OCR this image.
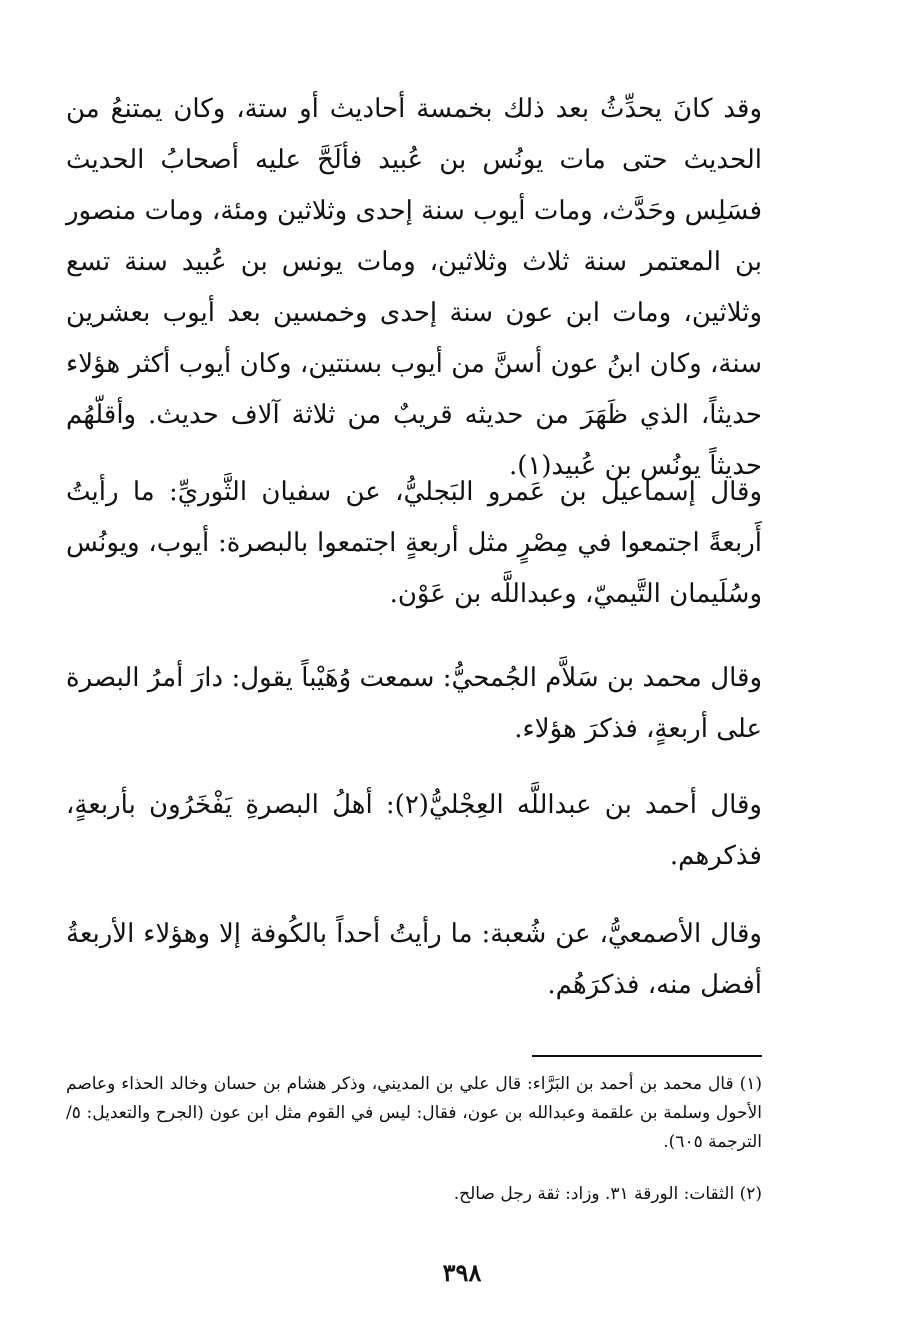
وقد كانَ يحدِّثُ بعد ذلك بخمسة أحاديث أو ستة، وكان يمتنعُ من الحديث حتى مات يونُس بن عُبيد فألَحَّ عليه أصحابُ الحديث فسَلِس وحَدَّث، ومات أيوب سنة إحدى وثلاثين ومئة، ومات منصور بن المعتمر سنة ثلاث وثلاثين، ومات يونس بن عُبيد سنة تسع وثلاثين، ومات ابن عون سنة إحدى وخمسين بعد أيوب بعشرين سنة، وكان ابنُ عون أسنَّ من أيوب بسنتين، وكان أيوب أكثر هؤلاء حديثاً، الذي ظَهَرَ من حديثه قريبٌ من ثلاثة آلاف حديث. وأقلّهُم حديثاً يونُس بن عُبيد(١).

وقال إسماعيل بن عَمرو البَجليُّ، عن سفيان الثَّوريِّ: ما رأيتُ أَربعةً اجتمعوا في مِصْرٍ مثل أربعةٍ اجتمعوا بالبصرة: أيوب، ويونُس وسُلَيمان التَّيميّ، وعبداللَّه بن عَوْن.

وقال محمد بن سَلاَّم الجُمحيُّ: سمعت وُهَيْباً يقول: دارَ أمرُ البصرة على أربعةٍ، فذكرَ هؤلاء.

وقال أحمد بن عبداللَّه العِجْليُّ(٢): أهلُ البصرةِ يَفْخَرُون بأربعةٍ، فذكرهم.

وقال الأصمعيُّ، عن شُعبة: ما رأيتُ أحداً بالكُوفة إلا وهؤلاء الأربعةُ أفضل منه، فذكرَهُم.

(١) قال محمد بن أحمد بن البَرَّاء: قال علي بن المديني، وذكر هشام بن حسان وخالد الحذاء وعاصم الأحول وسلمة بن علقمة وعبدالله بن عون، فقال: ليس في القوم مثل ابن عون (الجرح والتعديل: ٥/الترجمة ٦٠٥).

(٢) الثقات: الورقة ٣١. وزاد: ثقة رجل صالح.

٣٩٨
